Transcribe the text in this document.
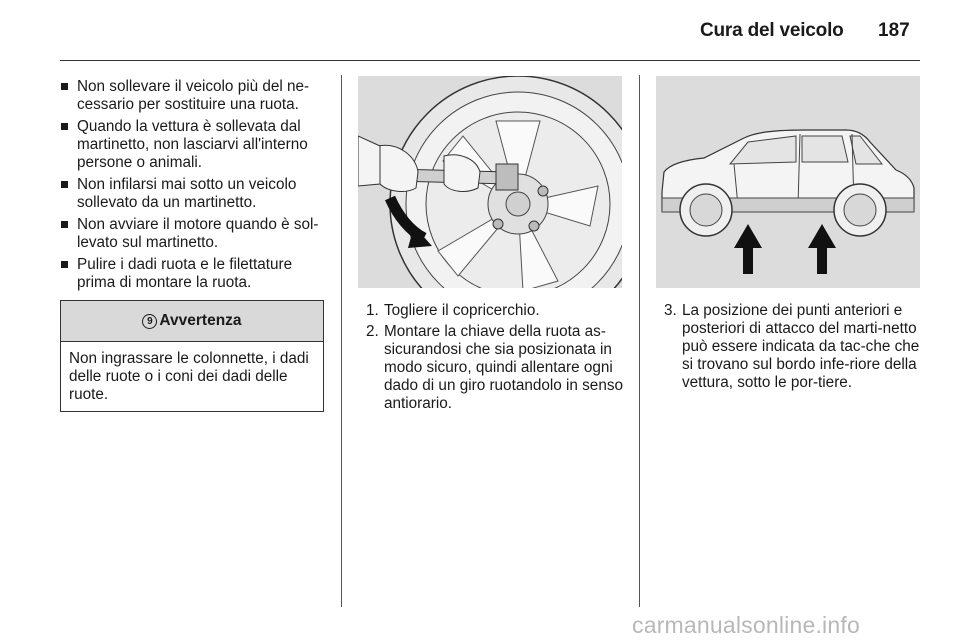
Cura del veicolo 187
Non sollevare il veicolo più del ne-cessario per sostituire una ruota.
Quando la vettura è sollevata dal martinetto, non lasciarvi all'interno persone o animali.
Non infilarsi mai sotto un veicolo sollevato da un martinetto.
Non avviare il motore quando è sol-levato sul martinetto.
Pulire i dadi ruota e le filettature prima di montare la ruota.
9 Avvertenza
Non ingrassare le colonnette, i dadi delle ruote o i coni dei dadi delle ruote.
1. Togliere il copricerchio.
2. Montare la chiave della ruota as-sicurandosi che sia posizionata in modo sicuro, quindi allentare ogni dado di un giro ruotandolo in senso antiorario.
3. La posizione dei punti anteriori e posteriori di attacco del marti-netto può essere indicata da tac-che che si trovano sul bordo infe-riore della vettura, sotto le por-tiere.
carmanualsonline.info
